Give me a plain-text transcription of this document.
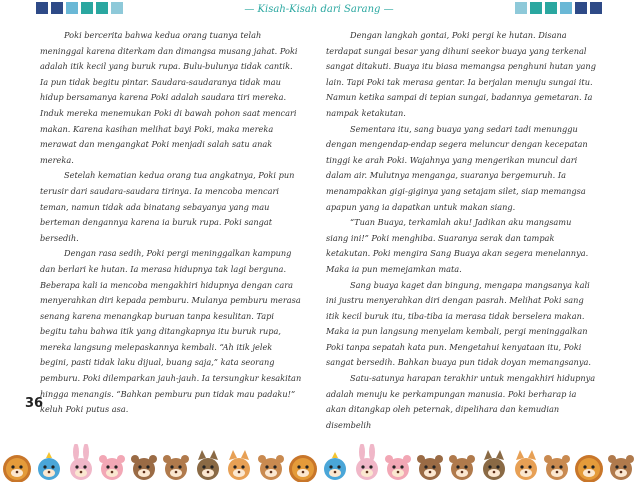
— Kisah-Kisah dari Sarang —

Poki bercerita bahwa kedua orang tuanya telah meninggal karena diterkam dan dimangsa musang jahat. Poki adalah itik kecil yang buruk rupa. Bulu-bulunya tidak cantik. Ia pun tidak begitu pintar. Saudara-saudaranya tidak mau hidup bersamanya karena Poki adalah saudara tiri mereka. Induk mereka menemukan Poki di bawah pohon saat mencari makan. Karena kasihan melihat bayi Poki, maka mereka merawat dan mengangkat Poki menjadi salah satu anak mereka.

Setelah kematian kedua orang tua angkatnya, Poki pun terusir dari saudara-saudara tirinya. Ia mencoba mencari teman, namun tidak ada binatang sebayanya yang mau berteman dengannya karena ia buruk rupa. Poki sangat bersedih.

Dengan rasa sedih, Poki pergi meninggalkan kampung dan berlari ke hutan. Ia merasa hidupnya tak lagi berguna. Beberapa kali ia mencoba mengakhiri hidupnya dengan cara menyerahkan diri kepada pemburu. Mulanya pemburu merasa senang karena menangkap buruan tanpa kesulitan. Tapi begitu tahu bahwa itik yang ditangkapnya itu buruk rupa, mereka langsung melepaskannya kembali. “Ah itik jelek begini, pasti tidak laku dijual, buang saja,” kata seorang pemburu. Poki dilemparkan jauh-jauh. Ia tersungkur kesakitan hingga menangis. “Bahkan pemburu pun tidak mau padaku!” keluh Poki putus asa.

Dengan langkah gontai, Poki pergi ke hutan. Disana terdapat sungai besar yang dihuni seekor buaya yang terkenal sangat ditakuti. Buaya itu biasa memangsa penghuni hutan yang lain. Tapi Poki tak merasa gentar. Ia berjalan menuju sungai itu. Namun ketika sampai di tepian sungai, badannya gemetaran. Ia nampak ketakutan.

Sementara itu, sang buaya yang sedari tadi menunggu dengan mengendap-endap segera meluncur dengan kecepatan tinggi ke arah Poki. Wajahnya yang mengerikan muncul dari dalam air. Mulutnya menganga, suaranya bergemuruh. Ia menampakkan gigi-giginya yang setajam silet, siap memangsa apapun yang ia dapatkan untuk makan siang.

“Tuan Buaya, terkamlah aku! Jadikan aku mangsamu siang ini!” Poki menghiba. Suaranya serak dan tampak ketakutan. Poki mengira Sang Buaya akan segera menelannya. Maka ia pun memejamkan mata.

Sang buaya kaget dan bingung, mengapa mangsanya kali ini justru menyerahkan diri dengan pasrah. Melihat Poki sang itik kecil buruk itu, tiba-tiba ia merasa tidak berselera makan. Maka ia pun langsung menyelam kembali, pergi meninggalkan Poki tanpa sepatah kata pun. Mengetahui kenyataan itu, Poki sangat bersedih. Bahkan buaya pun tidak doyan memangsanya.

Satu-satunya harapan terakhir untuk mengakhiri hidupnya adalah menuju ke perkampungan manusia. Poki berharap ia akan ditangkap oleh peternak, dipelihara dan kemudian disembelih

36
